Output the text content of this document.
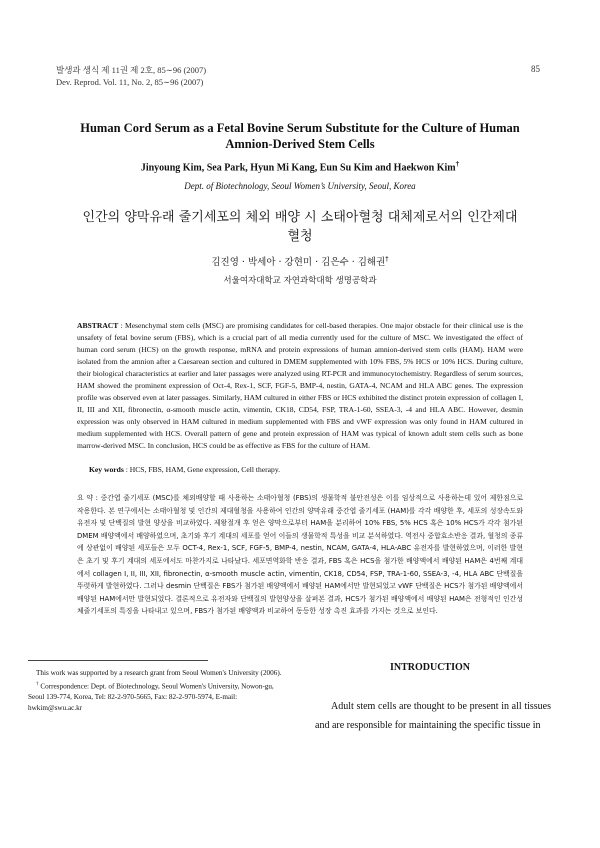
발생과 생식 제 11권 제 2호, 85∼96 (2007)
Dev. Reprod. Vol. 11, No. 2, 85∼96 (2007)
85
Human Cord Serum as a Fetal Bovine Serum Substitute for the Culture of Human Amnion-Derived Stem Cells
Jinyoung Kim, Sea Park, Hyun Mi Kang, Eun Su Kim and Haekwon Kim†
Dept. of Biotechnology, Seoul Women’s University, Seoul, Korea
인간의 양막유래 줄기세포의 체외 배양 시 소태아혈청 대체제로서의 인간제대혈청
김진영 · 박세아 · 강현미 · 김은수 · 김해권†
서울여자대학교 자연과학대학 생명공학과
ABSTRACT : Mesenchymal stem cells (MSC) are promising candidates for cell-based therapies. One major obstacle for their clinical use is the unsafety of fetal bovine serum (FBS), which is a crucial part of all media currently used for the culture of MSC. We investigated the effect of human cord serum (HCS) on the growth response, mRNA and protein expressions of human amnion-derived stem cells (HAM). HAM were isolated from the amnion after a Caesarean section and cultured in DMEM supplemented with 10% FBS, 5% HCS or 10% HCS. During culture, their biological characteristics at earlier and later passages were analyzed using RT-PCR and immunocytochemistry. Regardless of serum sources, HAM showed the prominent expression of Oct-4, Rex-1, SCF, FGF-5, BMP-4, nestin, GATA-4, NCAM and HLA ABC genes. The expression profile was observed even at later passages. Similarly, HAM cultured in either FBS or HCS exhibited the distinct protein expression of collagen I, II, III and XII, fibronectin, α-smooth muscle actin, vimentin, CK18, CD54, FSP, TRA-1-60, SSEA-3, -4 and HLA ABC. However, desmin expression was only observed in HAM cultured in medium supplemented with FBS and vWF expression was only found in HAM cultured in medium supplemented with HCS. Overall pattern of gene and protein expression of HAM was typical of known adult stem cells such as bone marrow-derived MSC. In conclusion, HCS could be as effective as FBS for the culture of HAM.
Key words : HCS, FBS, HAM, Gene expression, Cell therapy.
요 약 : 중간엽 줄기세포 (MSC)를 체외배양할 때 사용하는 소태아혈청 (FBS)의 생물학적 불안전성은 이를 임상적으로 사용하는데 있어 제한점으로 작용한다. 본 연구에서는 소태아혈청 및 인간의 제대혈청을 사용하여 인간의 양막유래 중간엽 줄기세포 (HAM)를 각각 배양한 후, 세포의 성장속도와 유전자 및 단백질의 발현 양상을 비교하였다. 제왕절개 후 얻은 양막으로부터 HAM을 분리하여 10% FBS, 5% HCS 혹은 10% HCS가 각각 첨가된 DMEM 배양액에서 배양하였으며, 초기와 후기 계대의 세포를 얻어 이들의 생물학적 특성을 비교 분석하였다. 역전사 중합효소반응 결과, 혈청의 종류에 상관없이 배양된 세포들은 모두 OCT-4, Rex-1, SCF, FGF-5, BMP-4, nestin, NCAM, GATA-4, HLA-ABC 유전자를 발현하였으며, 이러한 발현은 초기 및 후기 계대의 세포에서도 마찬가지로 나타났다. 세포면역화학 반응 결과, FBS 혹은 HCS을 첨가한 배양액에서 배양된 HAM은 4번째 계대에서 collagen I, II, III, XII, fibronectin, α-smooth muscle actin, vimentin, CK18, CD54, FSP, TRA-1-60, SSEA-3, -4, HLA ABC 단백질을 뚜렷하게 발현하였다. 그러나 desmin 단백질은 FBS가 첨가된 배양액에서 배양된 HAM에서만 발현되었고 vWF 단백질은 HCS가 첨가된 배양액에서 배양된 HAM에서만 발현되었다. 결론적으로 유전자와 단백질의 발현양상을 살펴본 결과, HCS가 첨가된 배양액에서 배양된 HAM은 전형적인 인간성체줄기세포의 특징을 나타내고 있으며, FBS가 첨가된 배양액과 비교하여 동등한 성장 촉진 효과를 가지는 것으로 보인다.

This work was supported by a research grant from Seoul Women's University (2006).

† Correspondence: Dept. of Biotechnology, Seoul Women's University, Nowon-gu, Seoul 139-774, Korea, Tel: 82-2-970-5665, Fax: 82-2-970-5974, E-mail: hwkim@swu.ac.kr

INTRODUCTION
Adult stem cells are thought to be present in all tissues and are responsible for maintaining the specific tissue in
